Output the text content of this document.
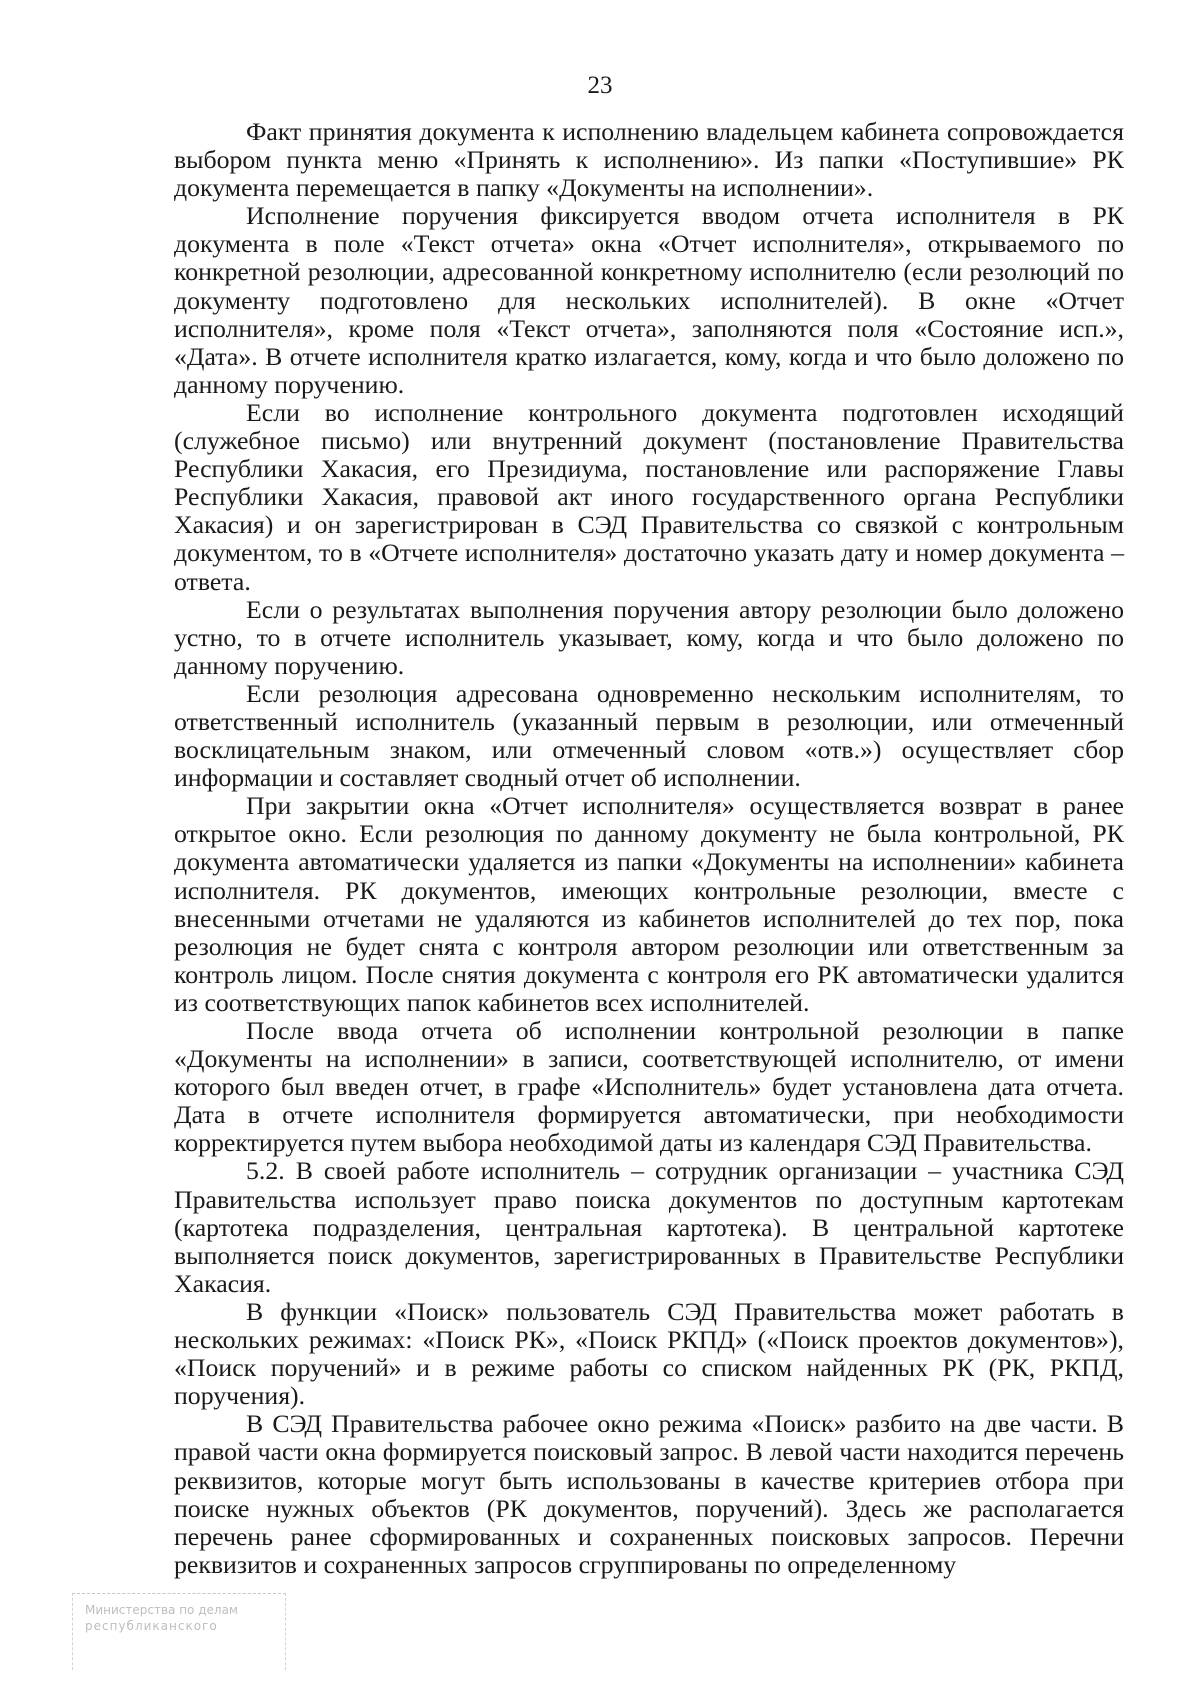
23

Факт принятия документа к исполнению владельцем кабинета сопровождается выбором пункта меню «Принять к исполнению». Из папки «Поступившие» РК документа перемещается в папку «Документы на исполнении».

Исполнение поручения фиксируется вводом отчета исполнителя в РК документа в поле «Текст отчета» окна «Отчет исполнителя», открываемого по конкретной резолюции, адресованной конкретному исполнителю (если резолюций по документу подготовлено для нескольких исполнителей). В окне «Отчет исполнителя», кроме поля «Текст отчета», заполняются поля «Состояние исп.», «Дата». В отчете исполнителя кратко излагается, кому, когда и что было доложено по данному поручению.

Если во исполнение контрольного документа подготовлен исходящий (служебное письмо) или внутренний документ (постановление Правительства Республики Хакасия, его Президиума, постановление или распоряжение Главы Республики Хакасия, правовой акт иного государственного органа Республики Хакасия) и он зарегистрирован в СЭД Правительства со связкой с контрольным документом, то в «Отчете исполнителя» достаточно указать дату и номер документа – ответа.

Если о результатах выполнения поручения автору резолюции было доложено устно, то в отчете исполнитель указывает, кому, когда и что было доложено по данному поручению.

Если резолюция адресована одновременно нескольким исполнителям, то ответственный исполнитель (указанный первым в резолюции, или отмеченный восклицательным знаком, или отмеченный словом «отв.») осуществляет сбор информации и составляет сводный отчет об исполнении.

При закрытии окна «Отчет исполнителя» осуществляется возврат в ранее открытое окно. Если резолюция по данному документу не была контрольной, РК документа автоматически удаляется из папки «Документы на исполнении» кабинета исполнителя. РК документов, имеющих контрольные резолюции, вместе с внесенными отчетами не удаляются из кабинетов исполнителей до тех пор, пока резолюция не будет снята с контроля автором резолюции или ответственным за контроль лицом. После снятия документа с контроля его РК автоматически удалится из соответствующих папок кабинетов всех исполнителей.

После ввода отчета об исполнении контрольной резолюции в папке «Документы на исполнении» в записи, соответствующей исполнителю, от имени которого был введен отчет, в графе «Исполнитель» будет установлена дата отчета. Дата в отчете исполнителя формируется автоматически, при необходимости корректируется путем выбора необходимой даты из календаря СЭД Правительства.

5.2. В своей работе исполнитель – сотрудник организации – участника СЭД Правительства использует право поиска документов по доступным картотекам (картотека подразделения, центральная картотека). В центральной картотеке выполняется поиск документов, зарегистрированных в Правительстве Республики Хакасия.

В функции «Поиск» пользователь СЭД Правительства может работать в нескольких режимах: «Поиск РК», «Поиск РКПД» («Поиск проектов документов»), «Поиск поручений» и в режиме работы со списком найденных РК (РК, РКПД, поручения).

В СЭД Правительства рабочее окно режима «Поиск» разбито на две части. В правой части окна формируется поисковый запрос. В левой части находится перечень реквизитов, которые могут быть использованы в качестве критериев отбора при поиске нужных объектов (РК документов, поручений). Здесь же располагается перечень ранее сформированных и сохраненных поисковых запросов. Перечни реквизитов и сохраненных запросов сгруппированы по определенному

Министерства по делам
республиканского
